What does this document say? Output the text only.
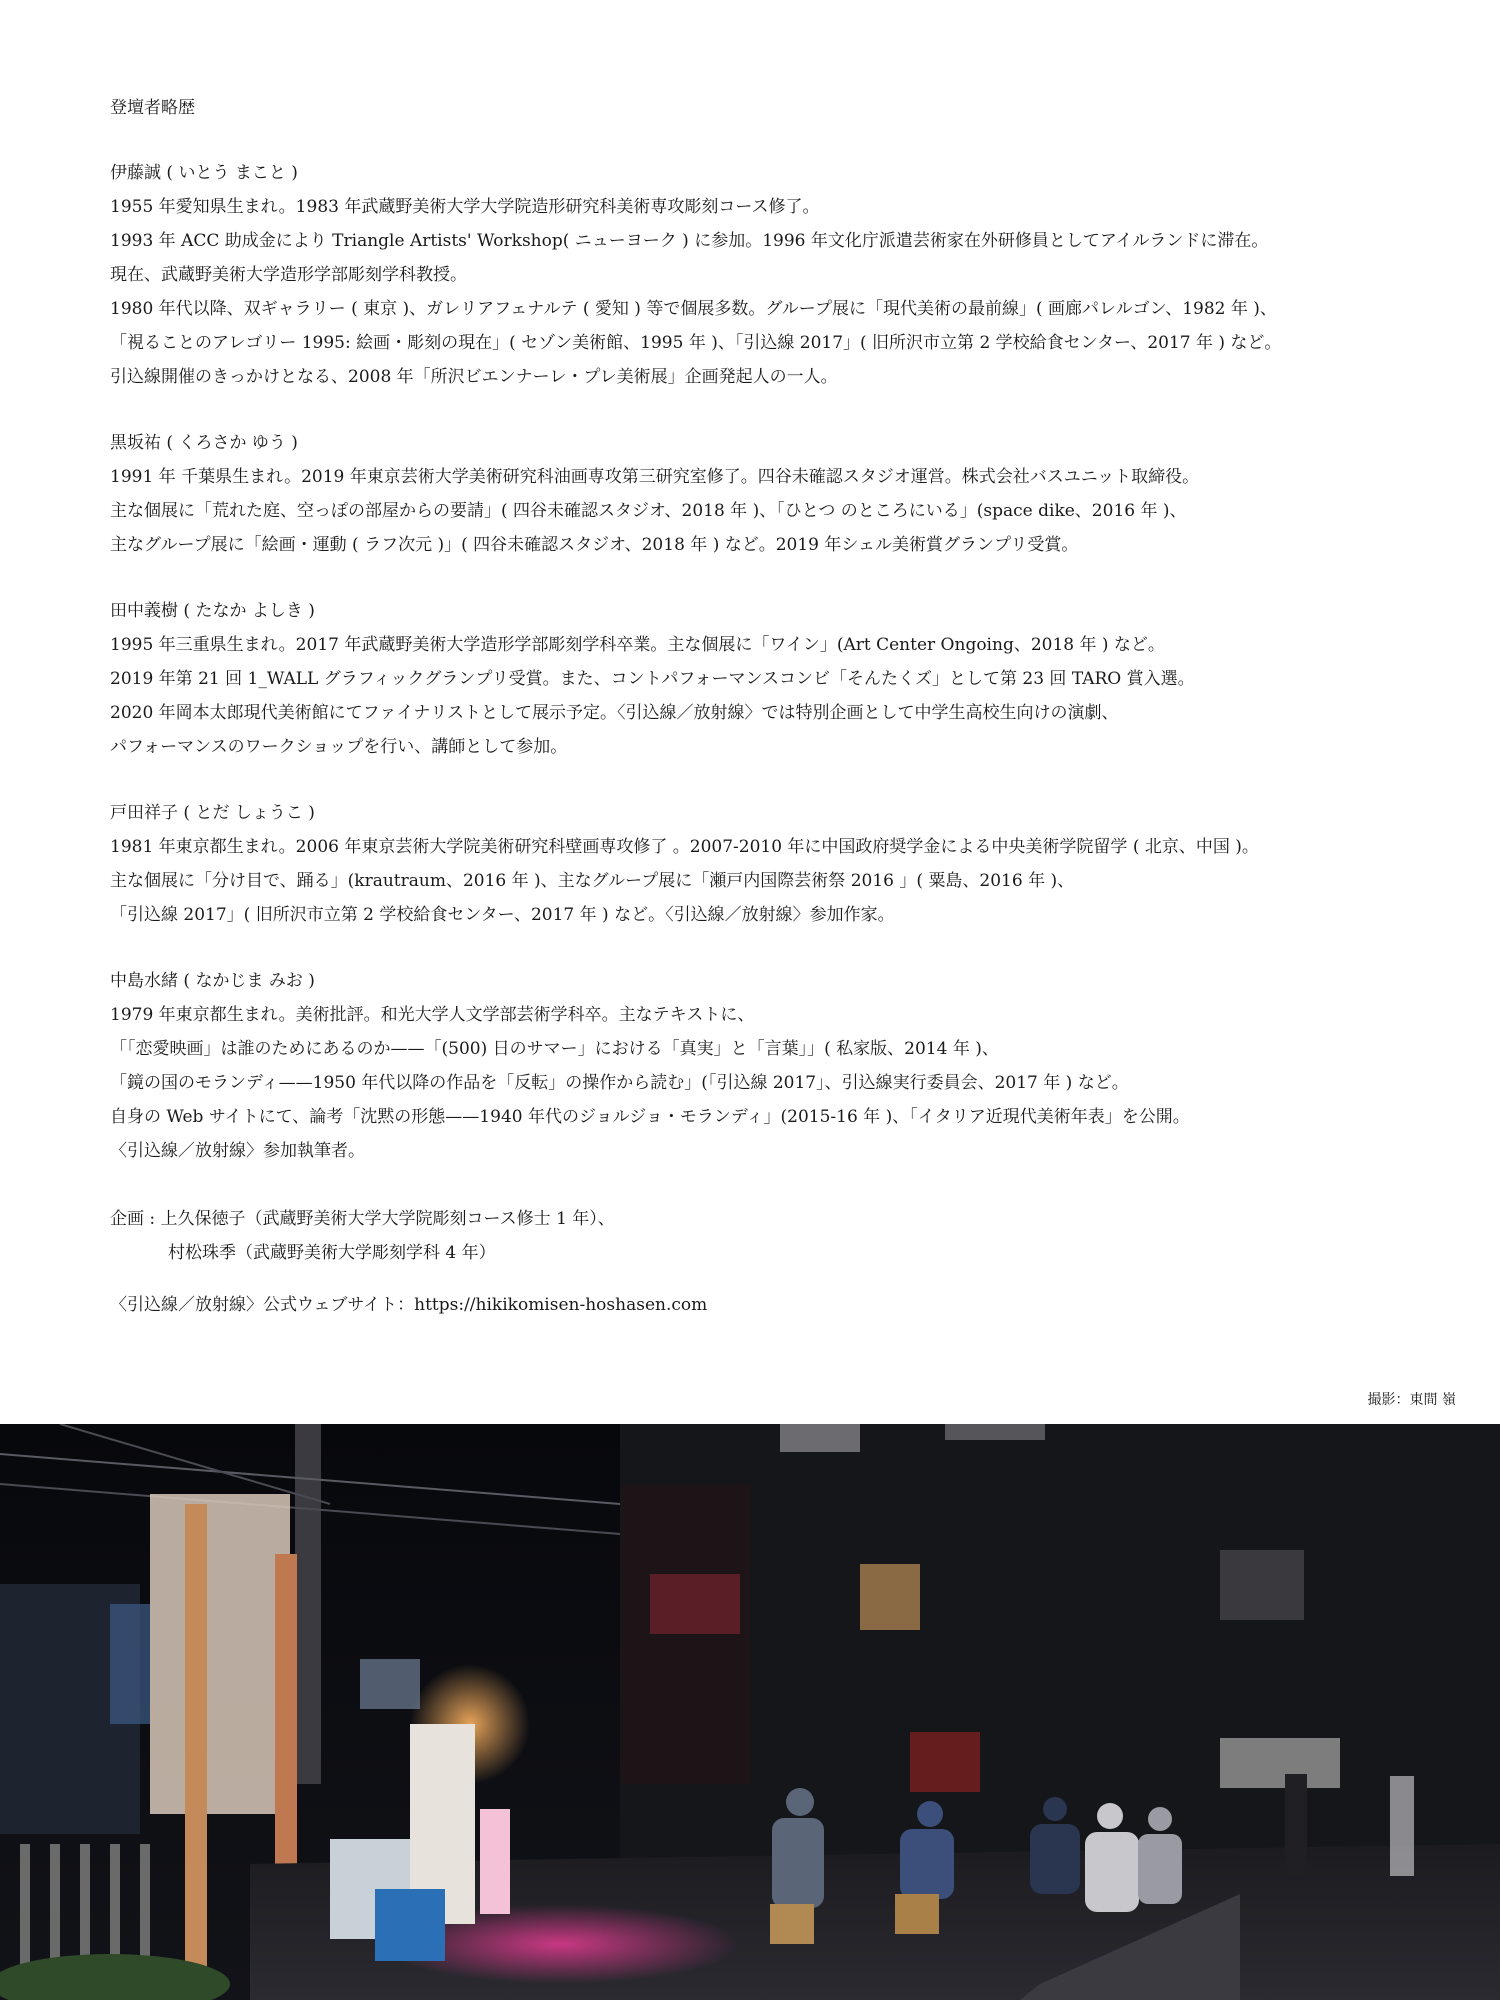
登壇者略歴

伊藤誠 ( いとう まこと )

1955 年愛知県生まれ。1983 年武蔵野美術大学大学院造形研究科美術専攻彫刻コース修了。

1993 年 ACC 助成金により Triangle Artists' Workshop( ニューヨーク ) に参加。1996 年文化庁派遣芸術家在外研修員としてアイルランドに滞在。

現在、武蔵野美術大学造形学部彫刻学科教授。

1980 年代以降、双ギャラリー ( 東京 )、ガレリアフェナルテ ( 愛知 ) 等で個展多数。グループ展に「現代美術の最前線」( 画廊パレルゴン、1982 年 )、

「視ることのアレゴリー 1995: 絵画・彫刻の現在」( セゾン美術館、1995 年 )、「引込線 2017」( 旧所沢市立第 2 学校給食センター、2017 年 ) など。

引込線開催のきっかけとなる、2008 年「所沢ビエンナーレ・プレ美術展」企画発起人の一人。

黒坂祐 ( くろさか ゆう )

1991 年 千葉県生まれ。2019 年東京芸術大学美術研究科油画専攻第三研究室修了。四谷未確認スタジオ運営。株式会社バスユニット取締役。

主な個展に「荒れた庭、空っぽの部屋からの要請」( 四谷未確認スタジオ、2018 年 )、「ひとつ のところにいる」(space dike、2016 年 )、

主なグループ展に「絵画・運動 ( ラフ次元 )」( 四谷未確認スタジオ、2018 年 ) など。2019 年シェル美術賞グランプリ受賞。

田中義樹 ( たなか よしき )

1995 年三重県生まれ。2017 年武蔵野美術大学造形学部彫刻学科卒業。主な個展に「ワイン」(Art Center Ongoing、2018 年 ) など。

2019 年第 21 回 1_WALL グラフィックグランプリ受賞。また、コントパフォーマンスコンビ「そんたくズ」として第 23 回 TARO 賞入選。

2020 年岡本太郎現代美術館にてファイナリストとして展示予定。〈引込線／放射線〉では特別企画として中学生高校生向けの演劇、

パフォーマンスのワークショップを行い、講師として参加。

戸田祥子 ( とだ しょうこ )

1981 年東京都生まれ。2006 年東京芸術大学院美術研究科壁画専攻修了 。2007-2010 年に中国政府奨学金による中央美術学院留学 ( 北京、中国 )。

主な個展に「分け目で、踊る」(krautraum、2016 年 )、主なグループ展に「瀬戸内国際芸術祭 2016 」( 粟島、2016 年 )、

「引込線 2017」( 旧所沢市立第 2 学校給食センター、2017 年 ) など。〈引込線／放射線〉参加作家。

中島水緒 ( なかじま みお )

1979 年東京都生まれ。美術批評。和光大学人文学部芸術学科卒。主なテキストに、

「「恋愛映画」は誰のためにあるのか——「(500) 日のサマー」における「真実」と「言葉」」( 私家版、2014 年 )、

「鏡の国のモランディ——1950 年代以降の作品を「反転」の操作から読む」(「引込線 2017」、引込線実行委員会、2017 年 ) など。

自身の Web サイトにて、論考「沈黙の形態——1940 年代のジョルジョ・モランディ」(2015-16 年 )、「イタリア近現代美術年表」を公開。

〈引込線／放射線〉参加執筆者。

企画 : 上久保徳子（武蔵野美術大学大学院彫刻コース修士 1 年）、
村松珠季（武蔵野美術大学彫刻学科 4 年）
〈引込線／放射線〉公式ウェブサイト：https://hikikomisen-hoshasen.com
撮影：東間 嶺
